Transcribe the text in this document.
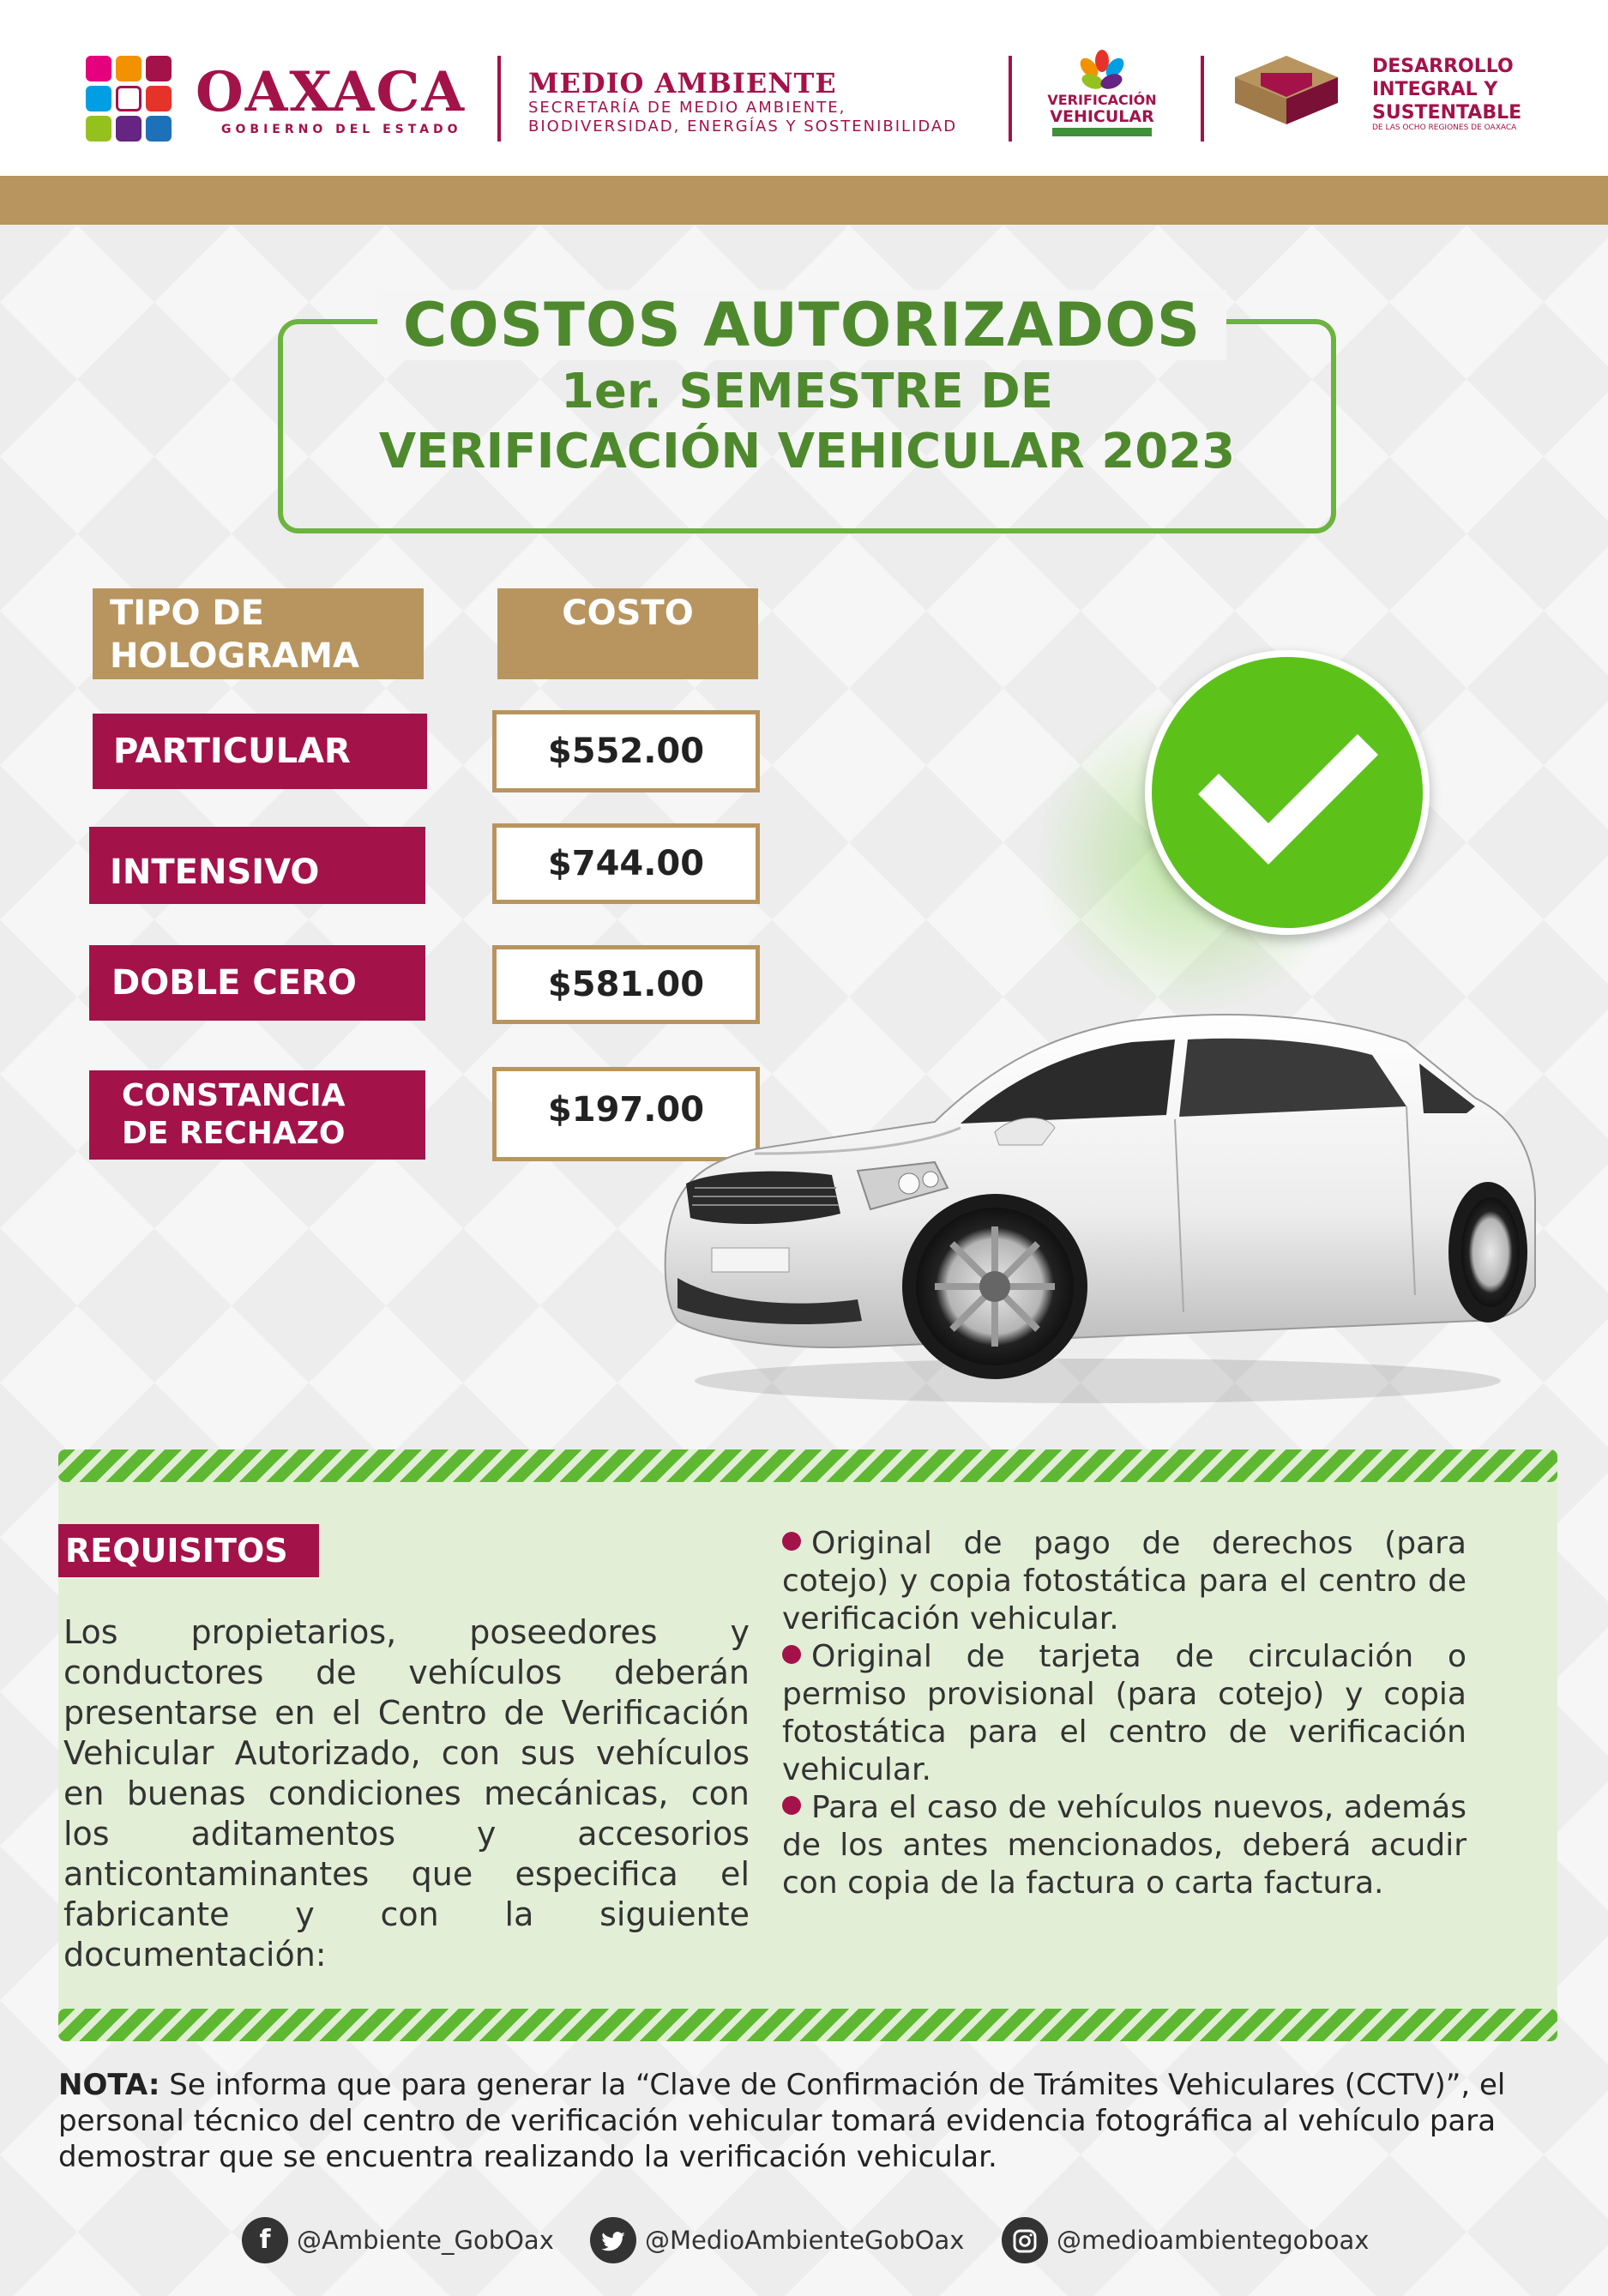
OAXACA
GOBIERNO DEL ESTADO
MEDIO AMBIENTE
SECRETARÍA DE MEDIO AMBIENTE,
BIODIVERSIDAD, ENERGÍAS Y SOSTENIBILIDAD
VERIFICACIÓN
VEHICULAR
DESARROLLO
INTEGRAL Y
SUSTENTABLE
DE LAS OCHO REGIONES DE OAXACA
COSTOS AUTORIZADOS
1er. SEMESTRE DE
VERIFICACIÓN VEHICULAR 2023
TIPO DE
HOLOGRAMA
COSTO
PARTICULAR	$552.00
INTENSIVO	$744.00
DOBLE CERO	$581.00
CONSTANCIA
DE RECHAZO
$197.00
REQUISITOS
Los propietarios, poseedores y conductores de vehículos deberán presentarse en el Centro de Verificación Vehicular Autorizado, con sus vehículos en buenas condiciones mecánicas, con los aditamentos y accesorios anticontaminantes que especifica el fabricante y con la siguiente documentación:

Original de pago de derechos (para cotejo) y copia fotostática para el centro de verificación vehicular.

Original de tarjeta de circulación o permiso provisional (para cotejo) y copia fotostática para el centro de verificación vehicular.

Para el caso de vehículos nuevos, además de los antes mencionados, deberá acudir con copia de la factura o carta factura.

NOTA: Se informa que para generar la “Clave de Confirmación de Trámites Vehiculares (CCTV)”, el personal técnico del centro de verificación vehicular tomará evidencia fotográfica al vehículo para demostrar que se encuentra realizando la verificación vehicular.
f @Ambiente_GobOax	@MedioAmbienteGobOax	@medioambientegoboax
